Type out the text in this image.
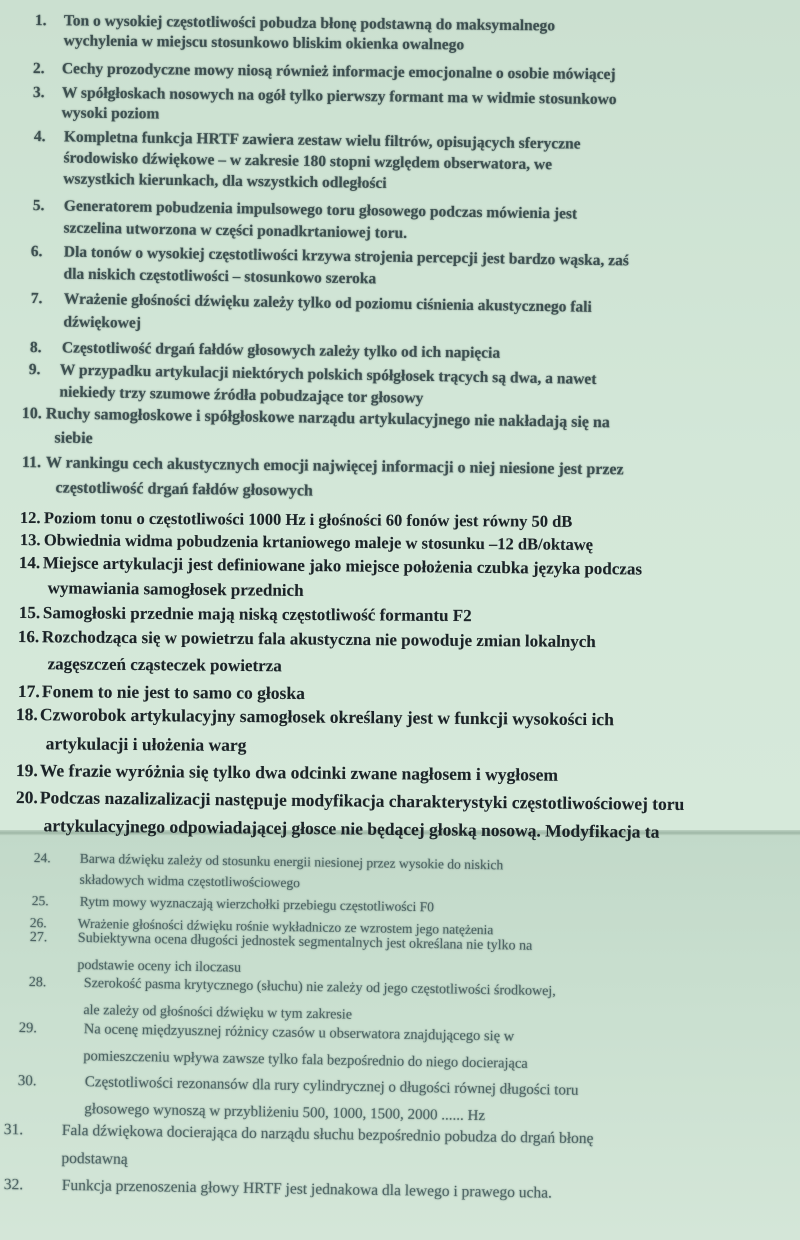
1. Ton o wysokiej częstotliwości pobudza błonę podstawną do maksymalnego
wychylenia w miejscu stosunkowo bliskim okienka owalnego
2. Cechy prozodyczne mowy niosą również informacje emocjonalne o osobie mówiącej
3. W spółgłoskach nosowych na ogół tylko pierwszy formant ma w widmie stosunkowo
wysoki poziom
4. Kompletna funkcja HRTF zawiera zestaw wielu filtrów, opisujących sferyczne
środowisko dźwiękowe – w zakresie 180 stopni względem obserwatora, we
wszystkich kierunkach, dla wszystkich odległości
5. Generatorem pobudzenia impulsowego toru głosowego podczas mówienia jest
szczelina utworzona w części ponadkrtaniowej toru.
6. Dla tonów o wysokiej częstotliwości krzywa strojenia percepcji jest bardzo wąska, zaś
dla niskich częstotliwości – stosunkowo szeroka
7. Wrażenie głośności dźwięku zależy tylko od poziomu ciśnienia akustycznego fali
dźwiękowej
8. Częstotliwość drgań fałdów głosowych zależy tylko od ich napięcia
9. W przypadku artykulacji niektórych polskich spółgłosek trących są dwa, a nawet
niekiedy trzy szumowe źródła pobudzające tor głosowy
10. Ruchy samogłoskowe i spółgłoskowe narządu artykulacyjnego nie nakładają się na
siebie
11. W rankingu cech akustycznych emocji najwięcej informacji o niej niesione jest przez
częstotliwość drgań fałdów głosowych
12. Poziom tonu o częstotliwości 1000 Hz i głośności 60 fonów jest równy 50 dB
13. Obwiednia widma pobudzenia krtaniowego maleje w stosunku –12 dB/oktawę
14. Miejsce artykulacji jest definiowane jako miejsce położenia czubka języka podczas
wymawiania samogłosek przednich
15. Samogłoski przednie mają niską częstotliwość formantu F2
16. Rozchodząca się w powietrzu fala akustyczna nie powoduje zmian lokalnych
zagęszczeń cząsteczek powietrza
17. Fonem to nie jest to samo co głoska
18. Czworobok artykulacyjny samogłosek określany jest w funkcji wysokości ich
artykulacji i ułożenia warg
19. We frazie wyróżnia się tylko dwa odcinki zwane nagłosem i wygłosem
20. Podczas nazalizalizacji następuje modyfikacja charakterystyki częstotliwościowej toru
artykulacyjnego odpowiadającej głosce nie będącej głoską nosową. Modyfikacja ta
24. Barwa dźwięku zależy od stosunku energii niesionej przez wysokie do niskich
składowych widma częstotliwościowego
25. Rytm mowy wyznaczają wierzchołki przebiegu częstotliwości F0
26. Wrażenie głośności dźwięku rośnie wykładniczo ze wzrostem jego natężenia
27. Subiektywna ocena długości jednostek segmentalnych jest określana nie tylko na
podstawie oceny ich iloczasu
28.	Szerokość pasma krytycznego (słuchu) nie zależy od jego częstotliwości środkowej,
ale zależy od głośności dźwięku w tym zakresie
29.	Na ocenę międzyusznej różnicy czasów u obserwatora znajdującego się w
pomieszczeniu wpływa zawsze tylko fala bezpośrednio do niego docierająca
30.	Częstotliwości rezonansów dla rury cylindrycznej o długości równej długości toru
głosowego wynoszą w przybliżeniu 500, 1000, 1500, 2000 ...... Hz
31. Fala dźwiękowa docierająca do narządu słuchu bezpośrednio pobudza do drgań błonę
podstawną
32. Funkcja przenoszenia głowy HRTF jest jednakowa dla lewego i prawego ucha.
